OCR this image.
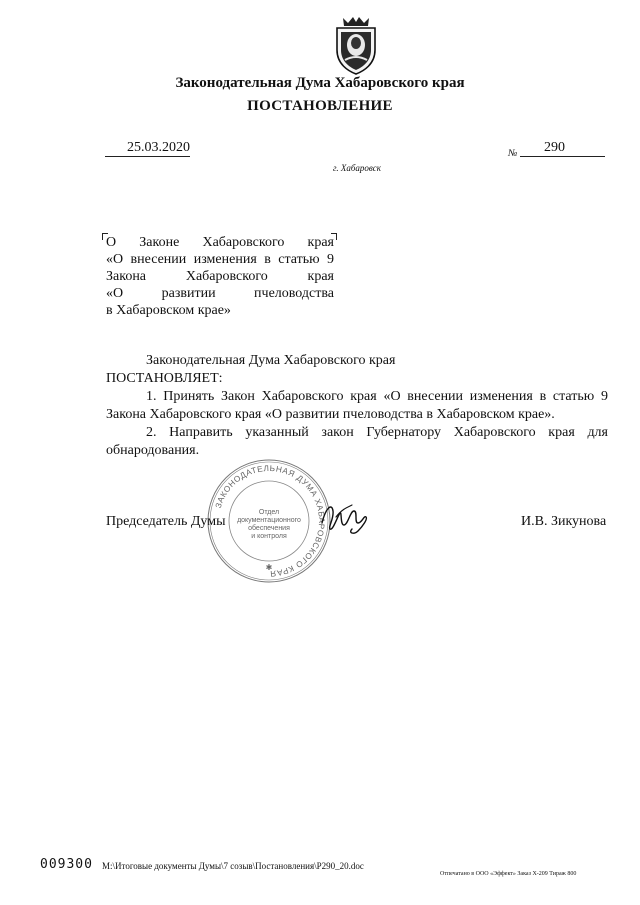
Законодательная Дума Хабаровского края
ПОСТАНОВЛЕНИЕ
25.03.2020	№	290
г. Хабаровск
О Законе Хабаровского края
«О внесении изменения в статью 9
Закона Хабаровского края
«О развитии пчеловодства
в Хабаровском крае»

Законодательная Дума Хабаровского края

ПОСТАНОВЛЯЕТ:

1. Принять Закон Хабаровского края «О внесении изменения в статью 9 Закона Хабаровского края «О развитии пчеловодства в Хабаровском крае».

2. Направить указанный закон Губернатору Хабаровского края для обнародования.

ЗАКОНОДАТЕЛЬНАЯ ДУМА ХАБАРОВСКОГО КРАЯ
Отдел
документационного
обеспечения
и контроля
✱
Председатель Думы	И.В. Зикунова
009300 M:\Итоговые документы Думы\7 созыв\Постановления\P290_20.doc
Отпечатано в ООО «Эффект» Заказ Х-209 Тираж 800
